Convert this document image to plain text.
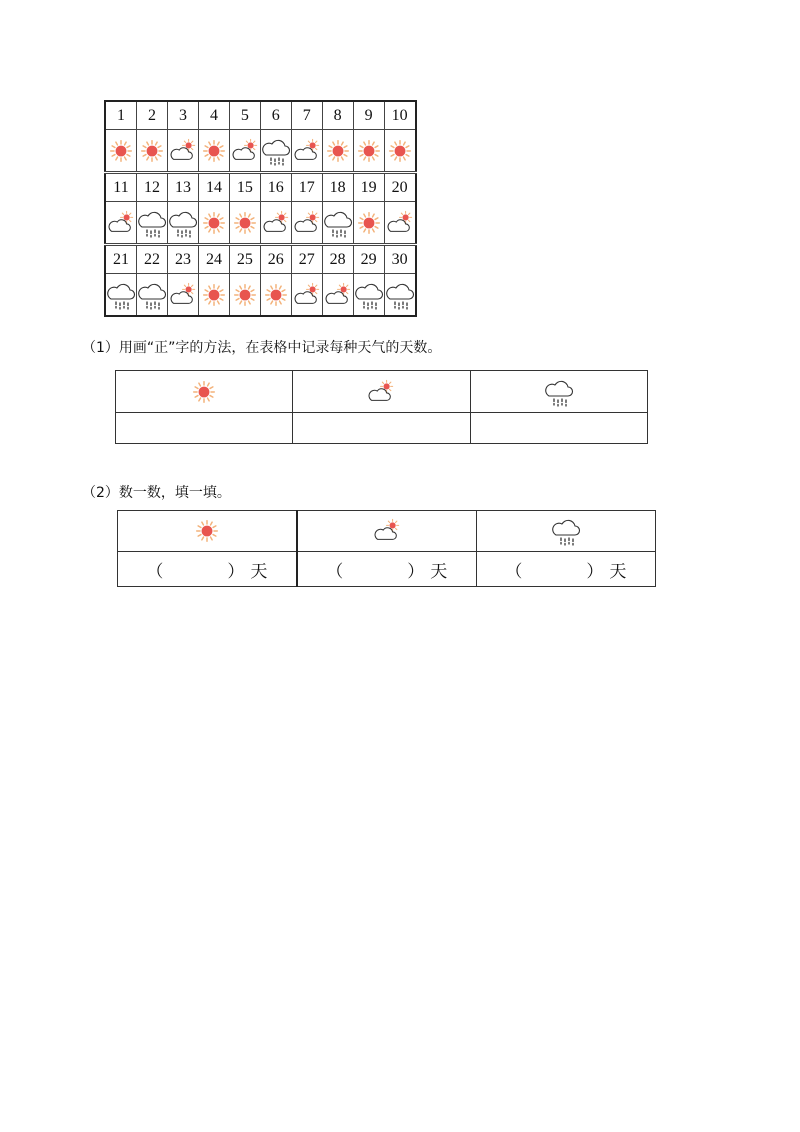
1	2	3	4	5	6	7	8	9	10

11	12	13	14	15	16	17	18	19	20

21	22	23	24	25	26	27	28	29	30

（1）用画“正”字的方法，在表格中记录每种天气的天数。

（2）数一数，填一填。

（ ） 天	（ ） 天	（ ） 天
